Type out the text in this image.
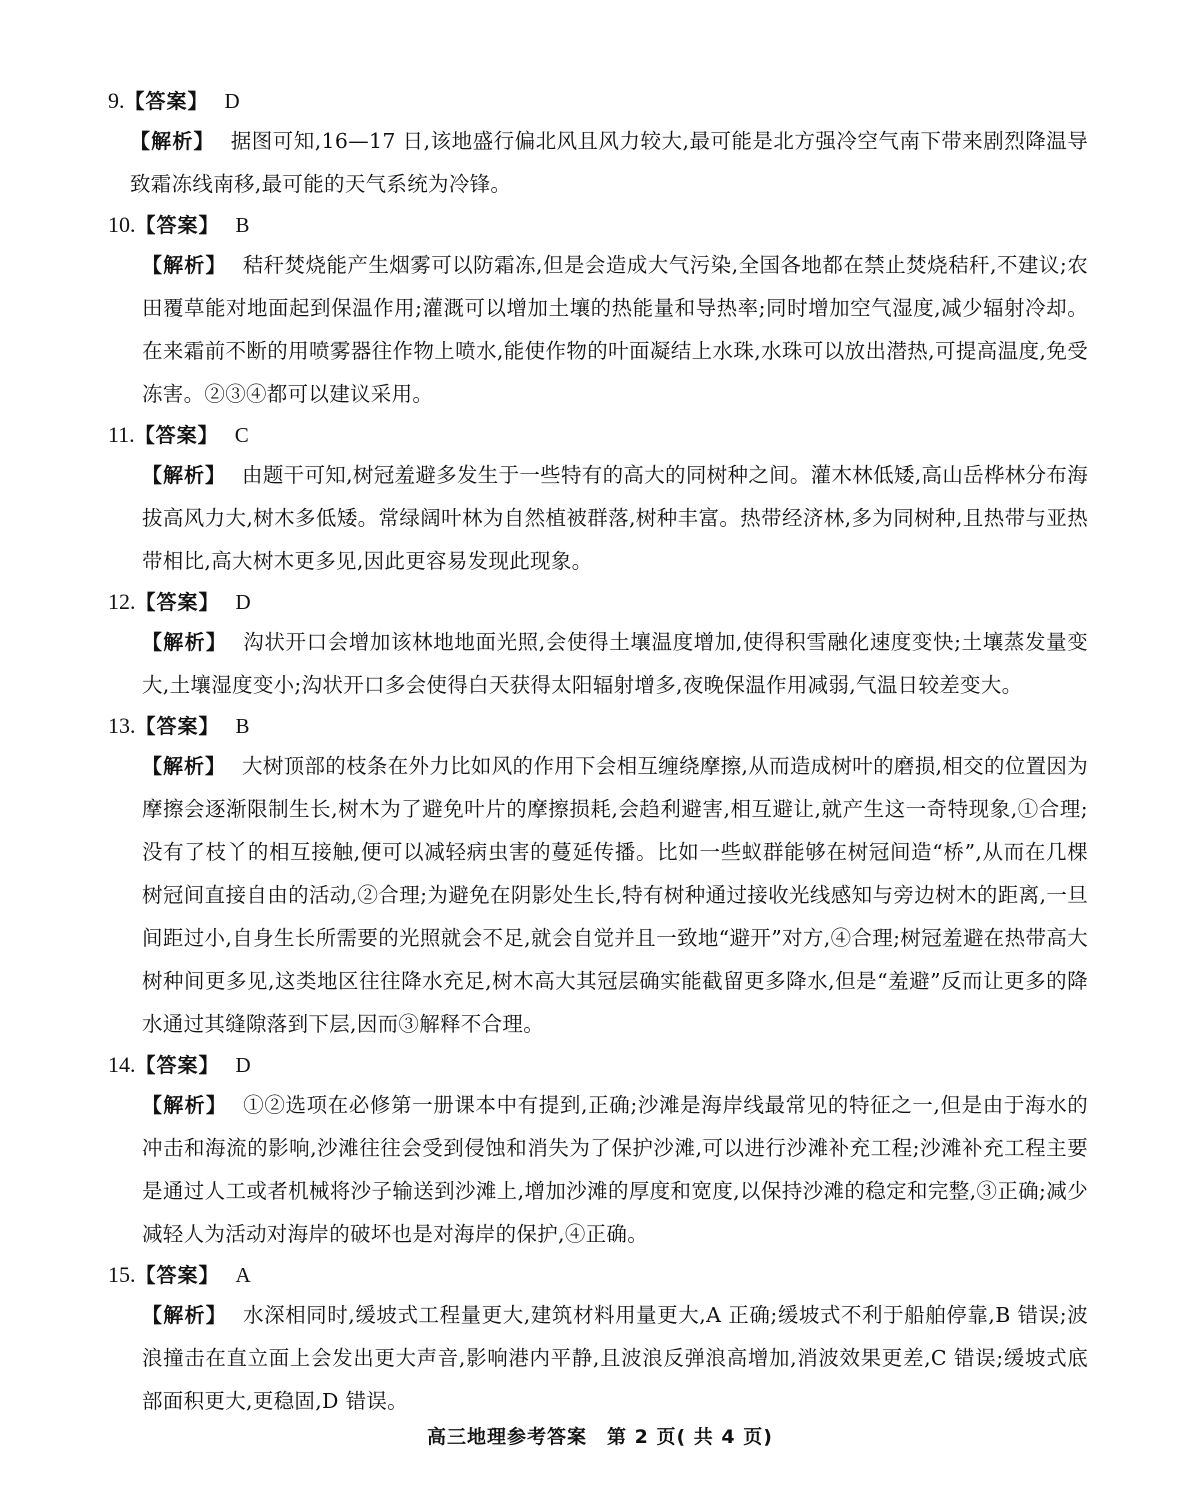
9.【答案】 D

【解析】 据图可知,16—17 日,该地盛行偏北风且风力较大,最可能是北方强冷空气南下带来剧烈降温导致霜冻线南移,最可能的天气系统为冷锋。

10.【答案】 B

【解析】 秸秆焚烧能产生烟雾可以防霜冻,但是会造成大气污染,全国各地都在禁止焚烧秸秆,不建议;农田覆草能对地面起到保温作用;灌溉可以增加土壤的热能量和导热率;同时增加空气湿度,减少辐射冷却。在来霜前不断的用喷雾器往作物上喷水,能使作物的叶面凝结上水珠,水珠可以放出潜热,可提高温度,免受冻害。②③④都可以建议采用。

11.【答案】 C

【解析】 由题干可知,树冠羞避多发生于一些特有的高大的同树种之间。灌木林低矮,高山岳桦林分布海拔高风力大,树木多低矮。常绿阔叶林为自然植被群落,树种丰富。热带经济林,多为同树种,且热带与亚热带相比,高大树木更多见,因此更容易发现此现象。

12.【答案】 D

【解析】 沟状开口会增加该林地地面光照,会使得土壤温度增加,使得积雪融化速度变快;土壤蒸发量变大,土壤湿度变小;沟状开口多会使得白天获得太阳辐射增多,夜晚保温作用减弱,气温日较差变大。

13.【答案】 B

【解析】 大树顶部的枝条在外力比如风的作用下会相互缠绕摩擦,从而造成树叶的磨损,相交的位置因为摩擦会逐渐限制生长,树木为了避免叶片的摩擦损耗,会趋利避害,相互避让,就产生这一奇特现象,①合理;没有了枝丫的相互接触,便可以减轻病虫害的蔓延传播。比如一些蚁群能够在树冠间造“桥”,从而在几棵树冠间直接自由的活动,②合理;为避免在阴影处生长,特有树种通过接收光线感知与旁边树木的距离,一旦间距过小,自身生长所需要的光照就会不足,就会自觉并且一致地“避开”对方,④合理;树冠羞避在热带高大树种间更多见,这类地区往往降水充足,树木高大其冠层确实能截留更多降水,但是“羞避”反而让更多的降水通过其缝隙落到下层,因而③解释不合理。

14.【答案】 D

【解析】 ①②选项在必修第一册课本中有提到,正确;沙滩是海岸线最常见的特征之一,但是由于海水的冲击和海流的影响,沙滩往往会受到侵蚀和消失为了保护沙滩,可以进行沙滩补充工程;沙滩补充工程主要是通过人工或者机械将沙子输送到沙滩上,增加沙滩的厚度和宽度,以保持沙滩的稳定和完整,③正确;减少减轻人为活动对海岸的破坏也是对海岸的保护,④正确。

15.【答案】 A

【解析】 水深相同时,缓坡式工程量更大,建筑材料用量更大,A 正确;缓坡式不利于船舶停靠,B 错误;波浪撞击在直立面上会发出更大声音,影响港内平静,且波浪反弹浪高增加,消波效果更差,C 错误;缓坡式底部面积更大,更稳固,D 错误。

高三地理参考答案　第 2 页( 共 4 页)
